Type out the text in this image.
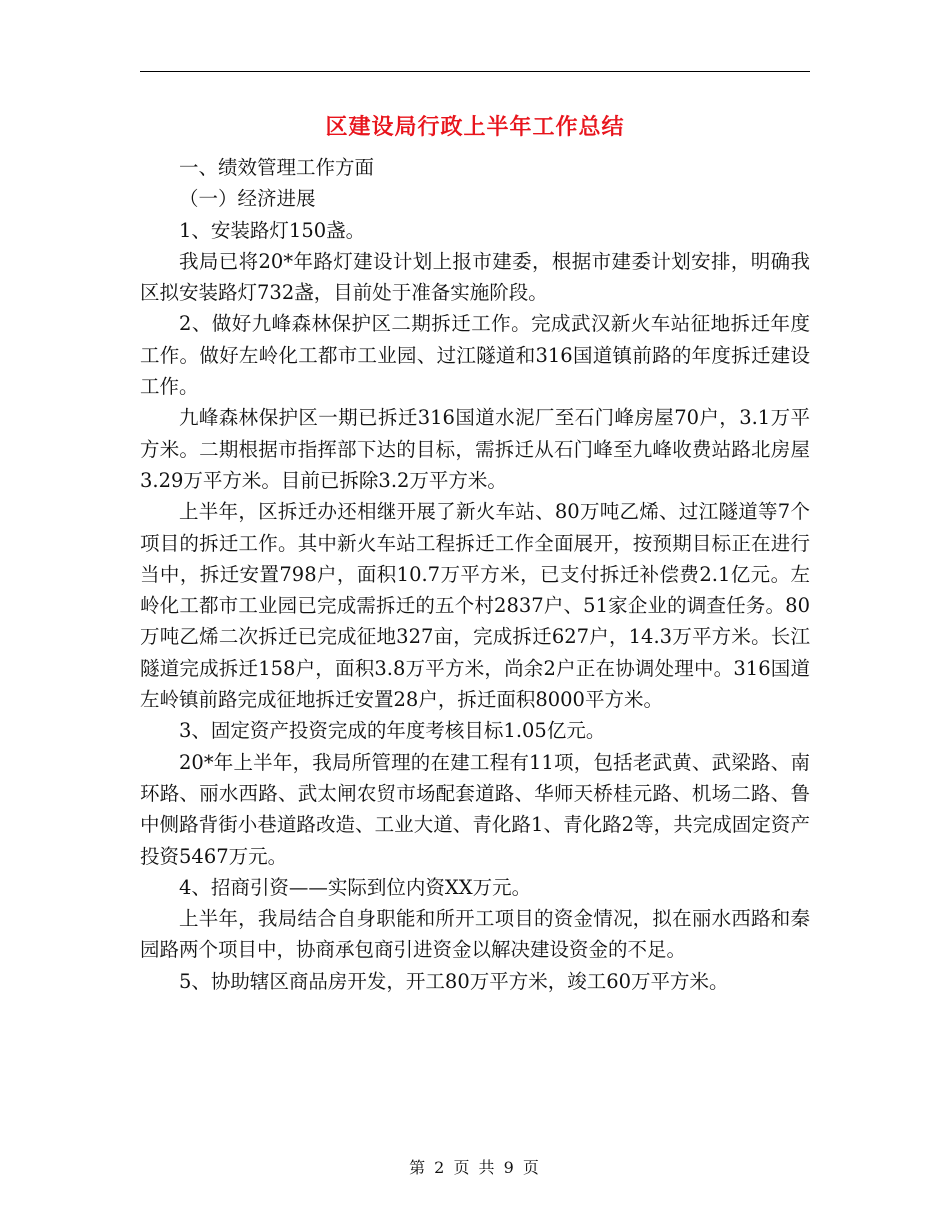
区建设局行政上半年工作总结

一、绩效管理工作方面

（一）经济进展

1、安装路灯150盏。

我局已将20*年路灯建设计划上报市建委，根据市建委计划安排，明确我区拟安装路灯732盏，目前处于准备实施阶段。

2、做好九峰森林保护区二期拆迁工作。完成武汉新火车站征地拆迁年度工作。做好左岭化工都市工业园、过江隧道和316国道镇前路的年度拆迁建设工作。

九峰森林保护区一期已拆迁316国道水泥厂至石门峰房屋70户，3.1万平方米。二期根据市指挥部下达的目标，需拆迁从石门峰至九峰收费站路北房屋3.29万平方米。目前已拆除3.2万平方米。

上半年，区拆迁办还相继开展了新火车站、80万吨乙烯、过江隧道等7个项目的拆迁工作。其中新火车站工程拆迁工作全面展开，按预期目标正在进行当中，拆迁安置798户，面积10.7万平方米，已支付拆迁补偿费2.1亿元。左岭化工都市工业园已完成需拆迁的五个村2837户、51家企业的调查任务。80万吨乙烯二次拆迁已完成征地327亩，完成拆迁627户，14.3万平方米。长江隧道完成拆迁158户，面积3.8万平方米，尚余2户正在协调处理中。316国道左岭镇前路完成征地拆迁安置28户，拆迁面积8000平方米。

3、固定资产投资完成的年度考核目标1.05亿元。

20*年上半年，我局所管理的在建工程有11项，包括老武黄、武梁路、南环路、丽水西路、武太闸农贸市场配套道路、华师天桥桂元路、机场二路、鲁中侧路背街小巷道路改造、工业大道、青化路1、青化路2等，共完成固定资产投资5467万元。

4、招商引资——实际到位内资XX万元。

上半年，我局结合自身职能和所开工项目的资金情况，拟在丽水西路和秦园路两个项目中，协商承包商引进资金以解决建设资金的不足。

5、协助辖区商品房开发，开工80万平方米，竣工60万平方米。

第 2 页 共 9 页
